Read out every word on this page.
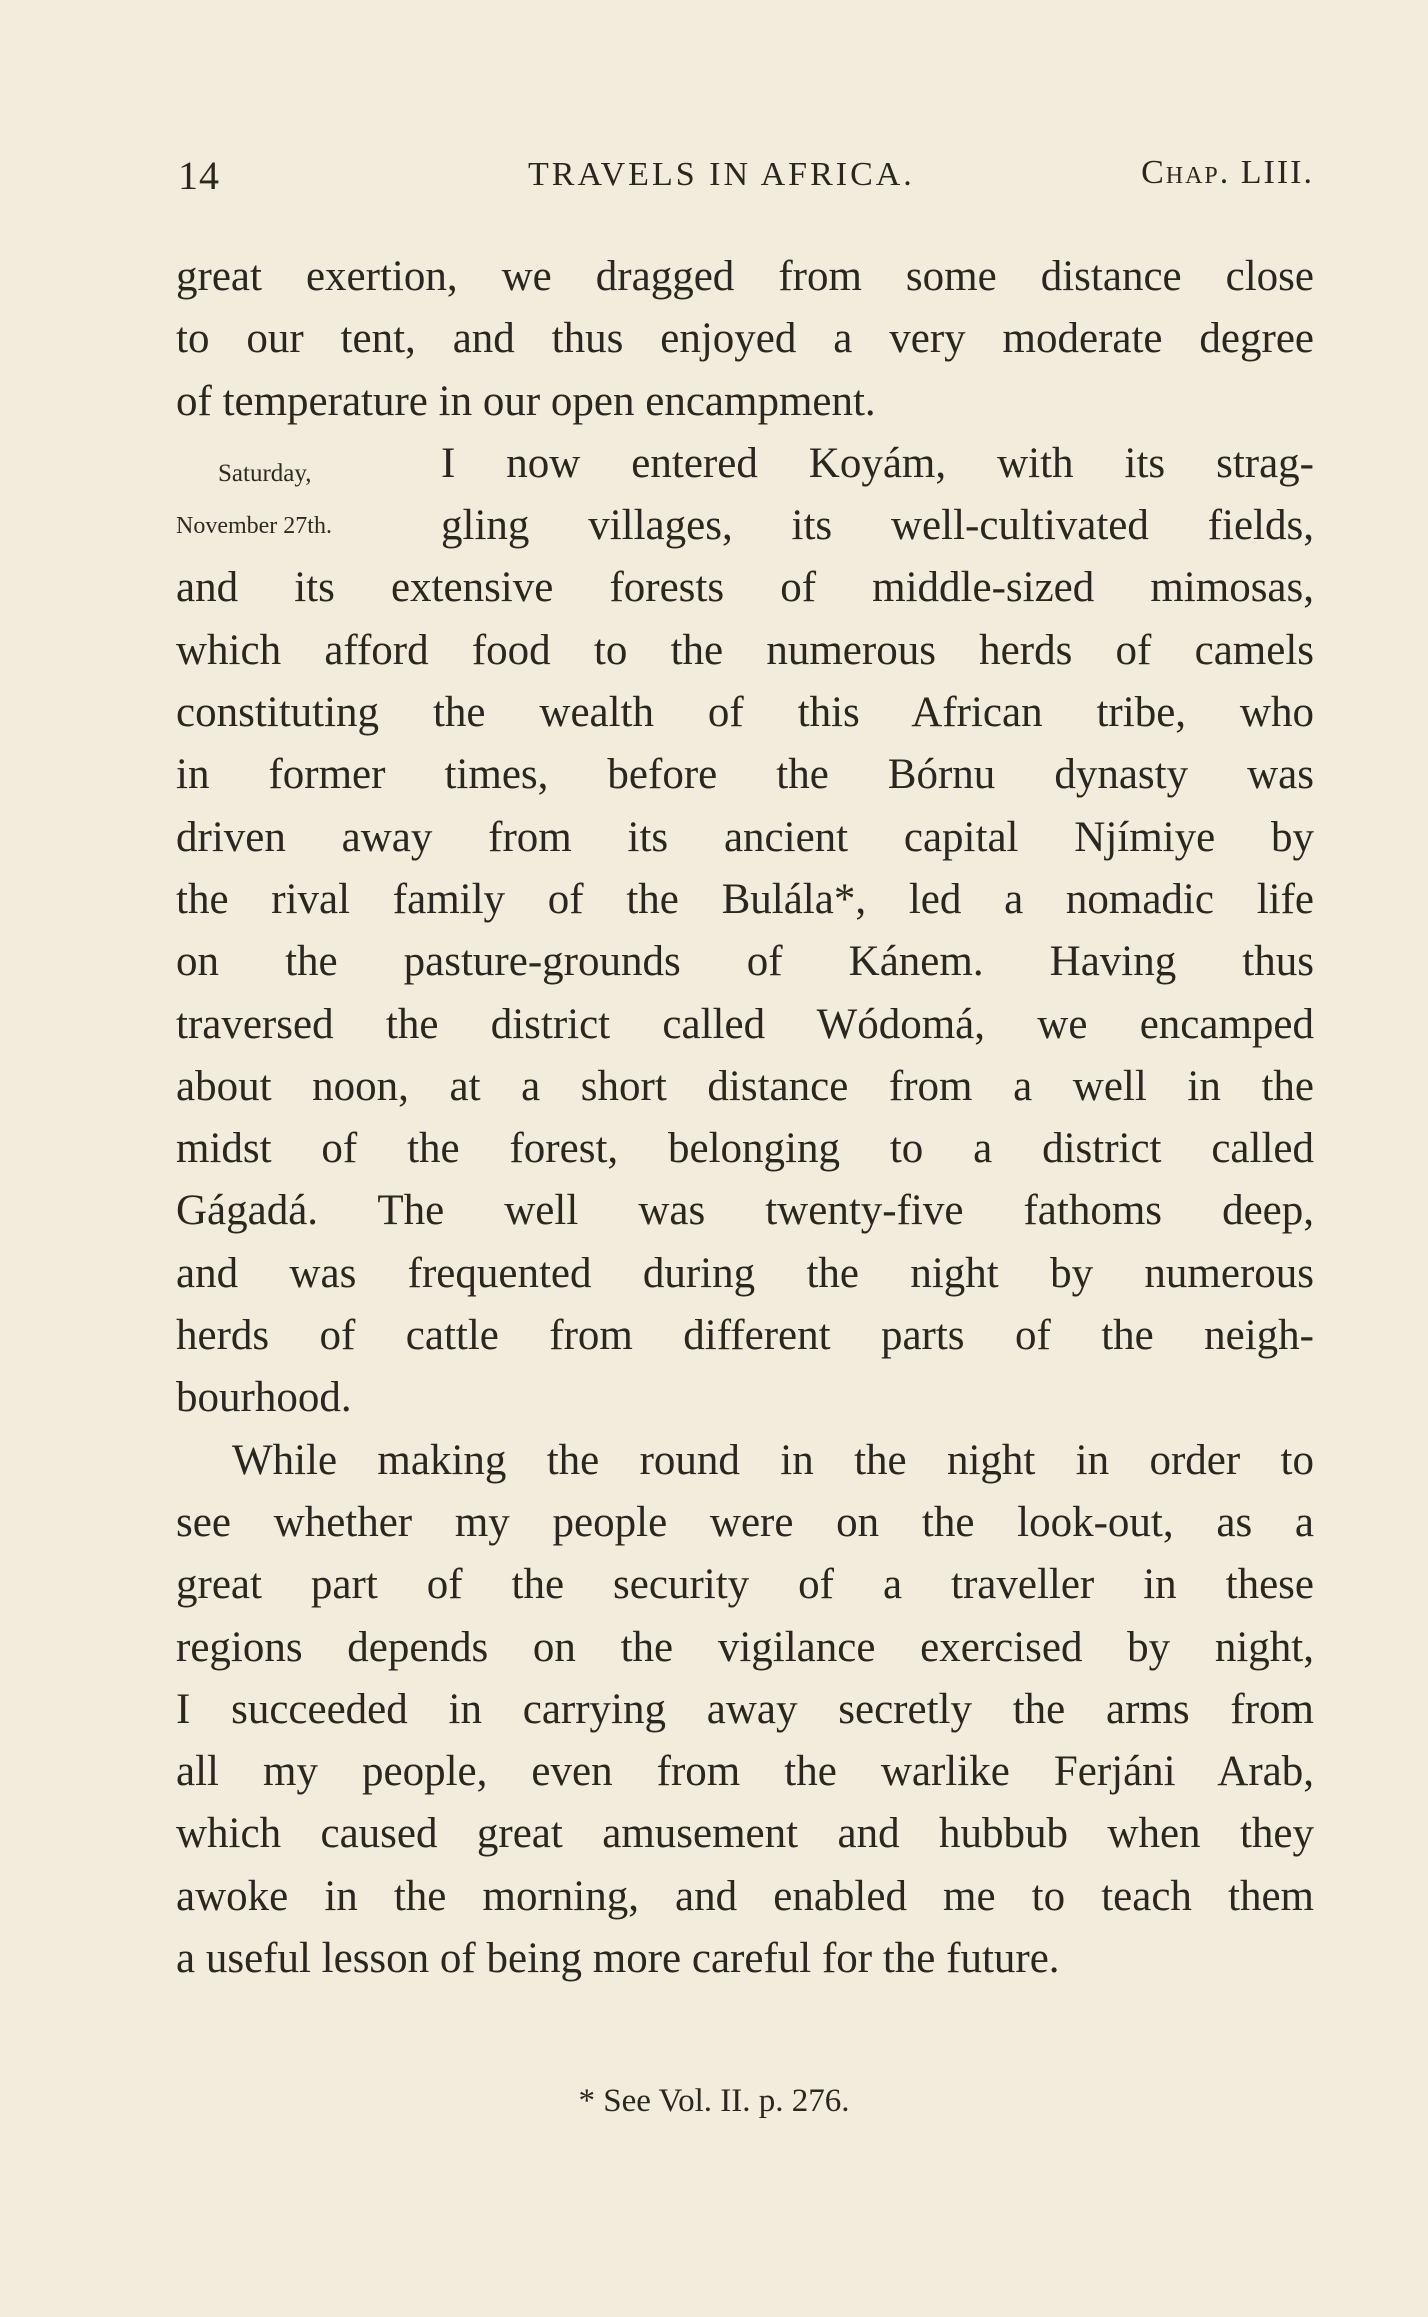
14	TRAVELS IN AFRICA.	Chap. LIII.
Saturday,
November 27th.
great exertion, we dragged from some distance close
to our tent, and thus enjoyed a very moderate degree
of temperature in our open encampment.
I now entered Koyám, with its strag-
gling villages, its well-cultivated fields,
and its extensive forests of middle-sized mimosas,
which afford food to the numerous herds of camels
constituting the wealth of this African tribe, who
in former times, before the Bórnu dynasty was
driven away from its ancient capital Njímiye by
the rival family of the Bulála*, led a nomadic life
on the pasture-grounds of Kánem. Having thus
traversed the district called Wódomá, we encamped
about noon, at a short distance from a well in the
midst of the forest, belonging to a district called
Gágadá. The well was twenty-five fathoms deep,
and was frequented during the night by numerous
herds of cattle from different parts of the neigh-
bourhood.
While making the round in the night in order to
see whether my people were on the look-out, as a
great part of the security of a traveller in these
regions depends on the vigilance exercised by night,
I succeeded in carrying away secretly the arms from
all my people, even from the warlike Ferjáni Arab,
which caused great amusement and hubbub when they
awoke in the morning, and enabled me to teach them
a useful lesson of being more careful for the future.
* See Vol. II. p. 276.
